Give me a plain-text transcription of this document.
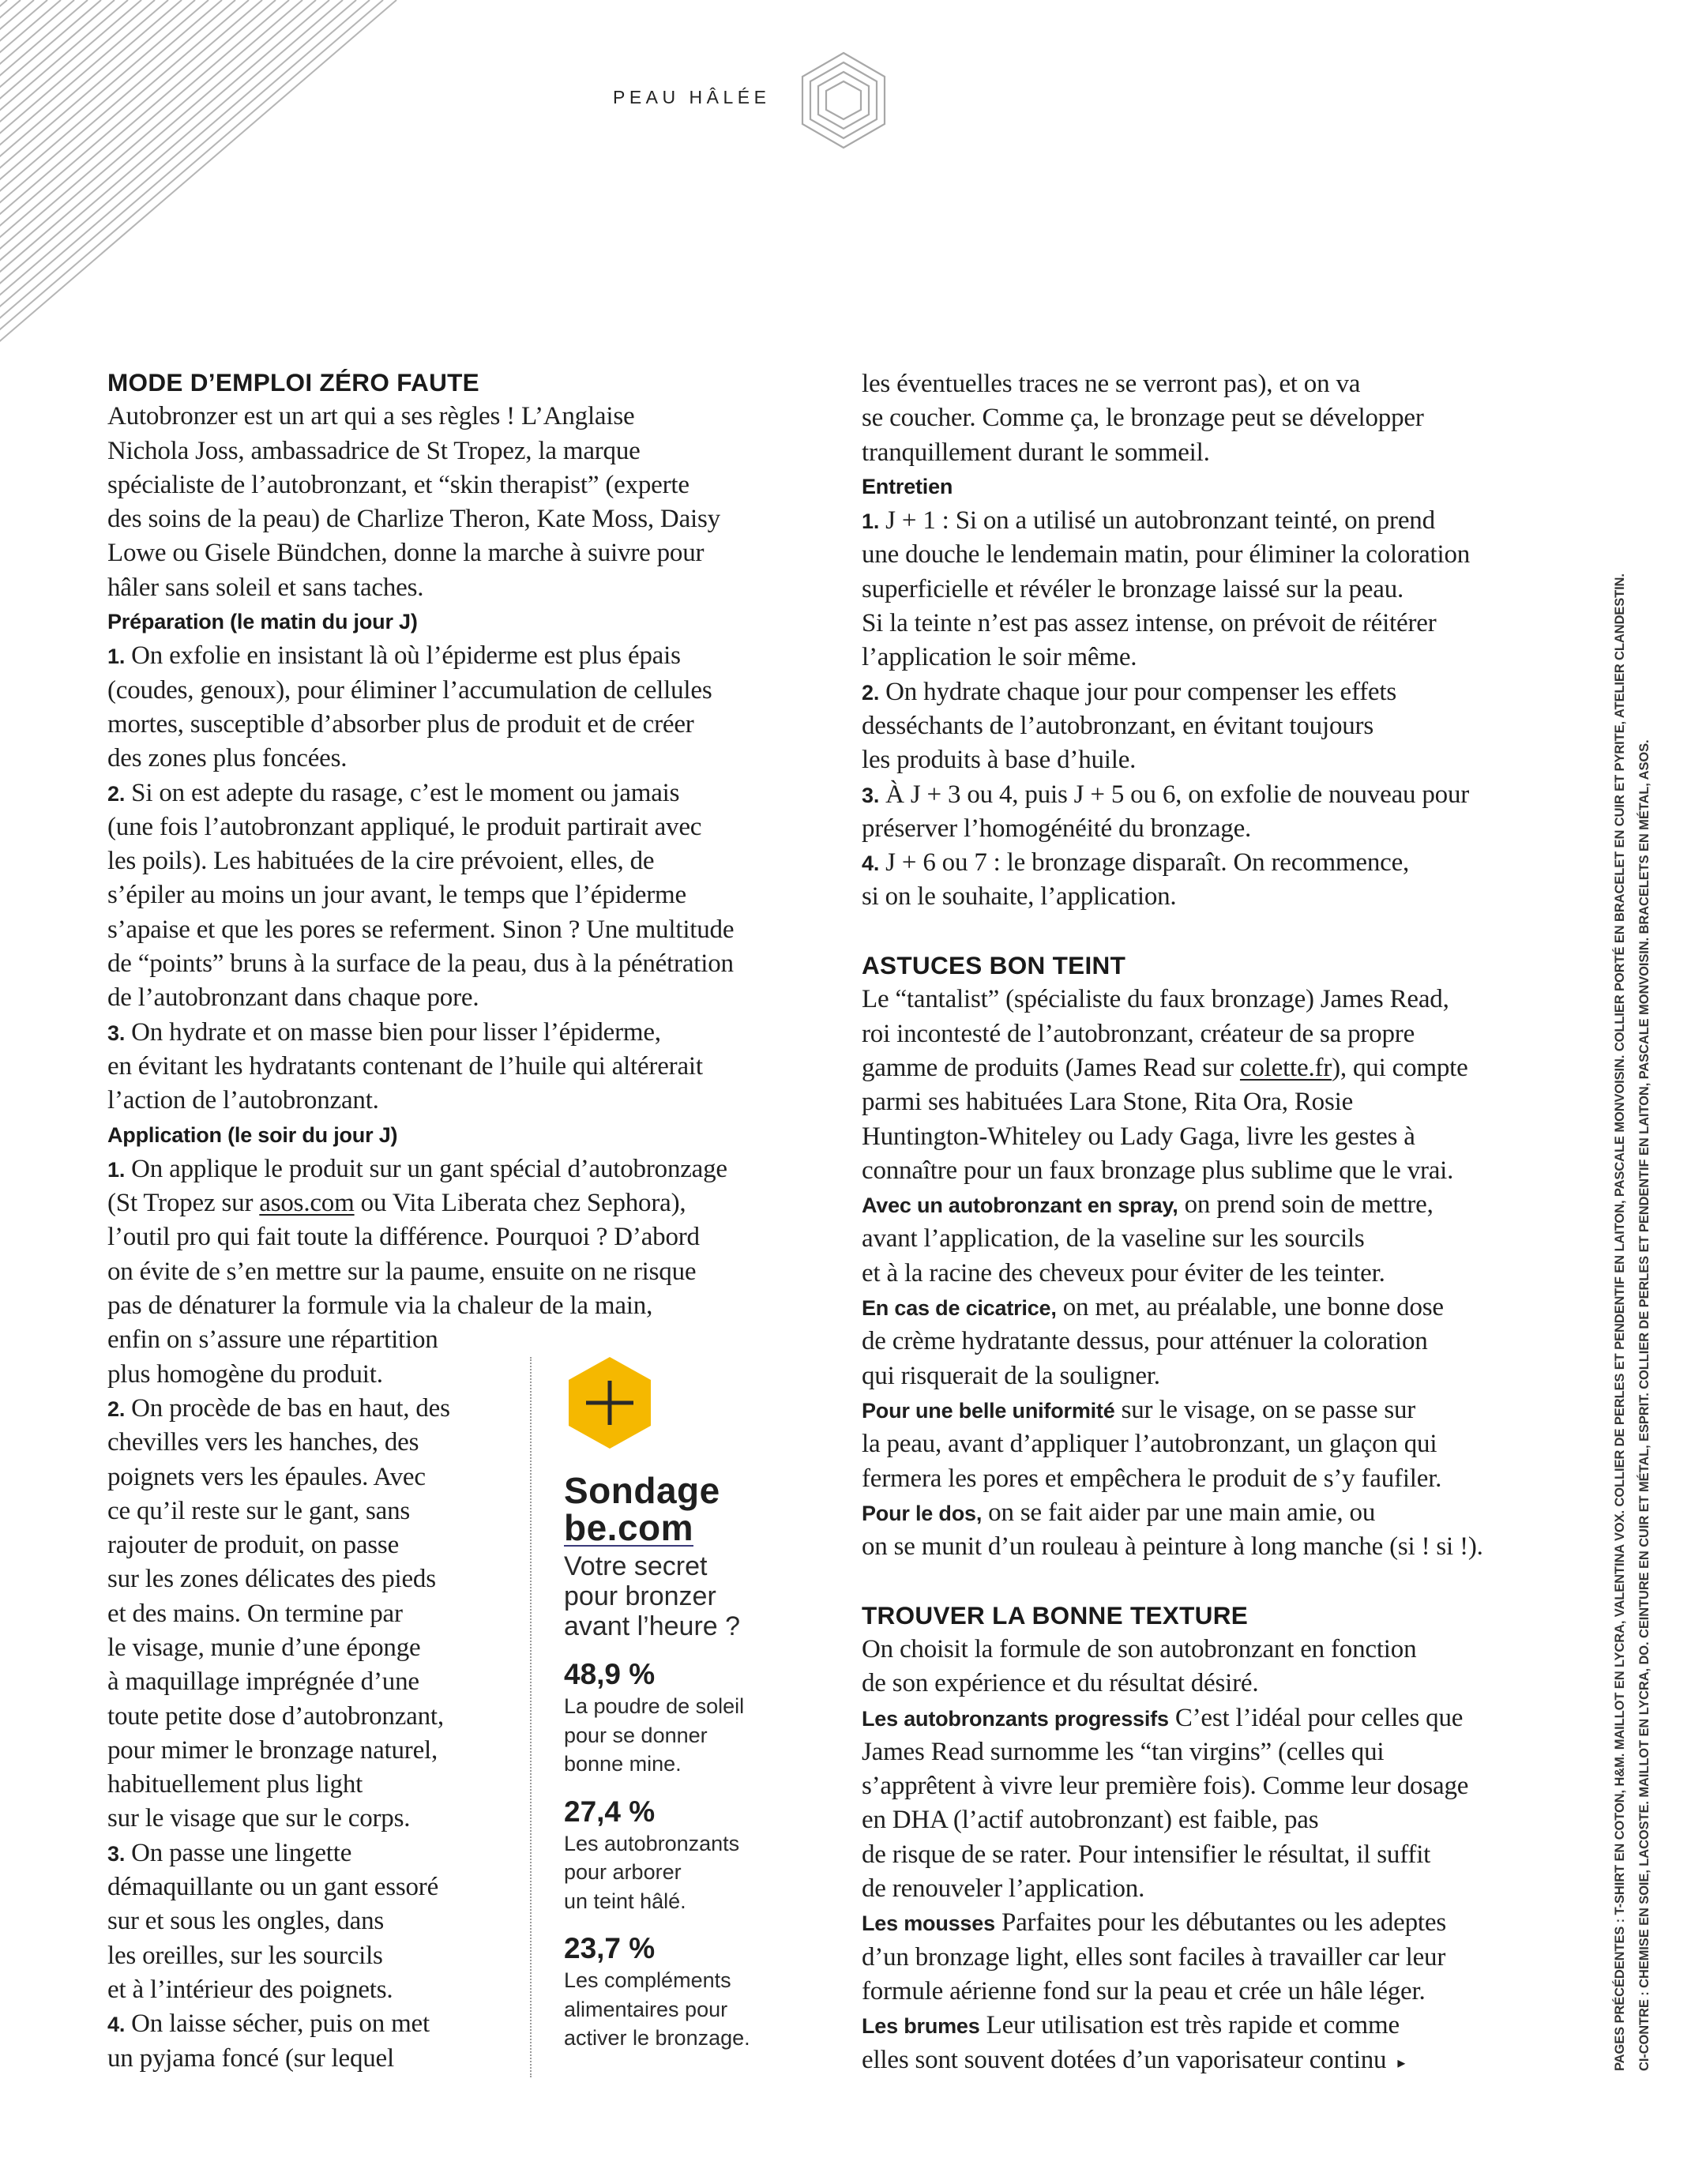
PEAU HÂLÉE
MODE D’EMPLOI ZÉRO FAUTE
Autobronzer est un art qui a ses règles ! L’Anglaise
Nichola Joss, ambassadrice de St Tropez, la marque
spécialiste de l’autobronzant, et “skin therapist” (experte
des soins de la peau) de Charlize Theron, Kate Moss, Daisy
Lowe ou Gisele Bündchen, donne la marche à suivre pour
hâler sans soleil et sans taches.
Préparation (le matin du jour J)
1. On exfolie en insistant là où l’épiderme est plus épais
(coudes, genoux), pour éliminer l’accumulation de cellules
mortes, susceptible d’absorber plus de produit et de créer
des zones plus foncées.
2. Si on est adepte du rasage, c’est le moment ou jamais
(une fois l’autobronzant appliqué, le produit partirait avec
les poils). Les habituées de la cire prévoient, elles, de
s’épiler au moins un jour avant, le temps que l’épiderme
s’apaise et que les pores se referment. Sinon ? Une multitude
de “points” bruns à la surface de la peau, dus à la pénétration
de l’autobronzant dans chaque pore.
3. On hydrate et on masse bien pour lisser l’épiderme,
en évitant les hydratants contenant de l’huile qui altérerait
l’action de l’autobronzant.
Application (le soir du jour J)
1. On applique le produit sur un gant spécial d’autobronzage
(St Tropez sur asos.com ou Vita Liberata chez Sephora),
l’outil pro qui fait toute la différence. Pourquoi ? D’abord
on évite de s’en mettre sur la paume, ensuite on ne risque
pas de dénaturer la formule via la chaleur de la main,
enfin on s’assure une répartition
plus homogène du produit.
2. On procède de bas en haut, des
chevilles vers les hanches, des
poignets vers les épaules. Avec
ce qu’il reste sur le gant, sans
rajouter de produit, on passe
sur les zones délicates des pieds
et des mains. On termine par
le visage, munie d’une éponge
à maquillage imprégnée d’une
toute petite dose d’autobronzant,
pour mimer le bronzage naturel,
habituellement plus light
sur le visage que sur le corps.
3. On passe une lingette
démaquillante ou un gant essoré
sur et sous les ongles, dans
les oreilles, sur les sourcils
et à l’intérieur des poignets.
4. On laisse sécher, puis on met
un pyjama foncé (sur lequel
les éventuelles traces ne se verront pas), et on va
se coucher. Comme ça, le bronzage peut se développer
tranquillement durant le sommeil.
Entretien
1. J + 1 : Si on a utilisé un autobronzant teinté, on prend
une douche le lendemain matin, pour éliminer la coloration
superficielle et révéler le bronzage laissé sur la peau.
Si la teinte n’est pas assez intense, on prévoit de réitérer
l’application le soir même.
2. On hydrate chaque jour pour compenser les effets
desséchants de l’autobronzant, en évitant toujours
les produits à base d’huile.
3. À J + 3 ou 4, puis J + 5 ou 6, on exfolie de nouveau pour
préserver l’homogénéité du bronzage.
4. J + 6 ou 7 : le bronzage disparaît. On recommence,
si on le souhaite, l’application.
ASTUCES BON TEINT
Le “tantalist” (spécialiste du faux bronzage) James Read,
roi incontesté de l’autobronzant, créateur de sa propre
gamme de produits (James Read sur colette.fr), qui compte
parmi ses habituées Lara Stone, Rita Ora, Rosie
Huntington-Whiteley ou Lady Gaga, livre les gestes à
connaître pour un faux bronzage plus sublime que le vrai.
Avec un autobronzant en spray, on prend soin de mettre,
avant l’application, de la vaseline sur les sourcils
et à la racine des cheveux pour éviter de les teinter.
En cas de cicatrice, on met, au préalable, une bonne dose
de crème hydratante dessus, pour atténuer la coloration
qui risquerait de la souligner.
Pour une belle uniformité sur le visage, on se passe sur
la peau, avant d’appliquer l’autobronzant, un glaçon qui
fermera les pores et empêchera le produit de s’y faufiler.
Pour le dos, on se fait aider par une main amie, ou
on se munit d’un rouleau à peinture à long manche (si ! si !).
TROUVER LA BONNE TEXTURE
On choisit la formule de son autobronzant en fonction
de son expérience et du résultat désiré.
Les autobronzants progressifs C’est l’idéal pour celles que
James Read surnomme les “tan virgins” (celles qui
s’apprêtent à vivre leur première fois). Comme leur dosage
en DHA (l’actif autobronzant) est faible, pas
de risque de se rater. Pour intensifier le résultat, il suffit
de renouveler l’application.
Les mousses Parfaites pour les débutantes ou les adeptes
d’un bronzage light, elles sont faciles à travailler car leur
formule aérienne fond sur la peau et crée un hâle léger.
Les brumes Leur utilisation est très rapide et comme
elles sont souvent dotées d’un vaporisateur continu ▸
Sondage
be.com
Votre secret
pour bronzer
avant l’heure ?
48,9 %
La poudre de soleil
pour se donner
bonne mine.
27,4 %
Les autobronzants
pour arborer
un teint hâlé.
23,7 %
Les compléments
alimentaires pour
activer le bronzage.	PAGES PRÉCÉDENTES : T-SHIRT EN COTON, H&M. MAILLOT EN LYCRA, VALENTINA VOX. COLLIER DE PERLES ET PENDENTIF EN LAITON, PASCALE MONVOISIN. COLLIER PORTÉ EN BRACELET EN CUIR ET PYRITE, ATELIER CLANDESTIN. CI-CONTRE : CHEMISE EN SOIE, LACOSTE. MAILLOT EN LYCRA, DO. CEINTURE EN CUIR ET MÉTAL, ESPRIT. COLLIER DE PERLES ET PENDENTIF EN LAITON, PASCALE MONVOISIN. BRACELETS EN MÉTAL, ASOS.
